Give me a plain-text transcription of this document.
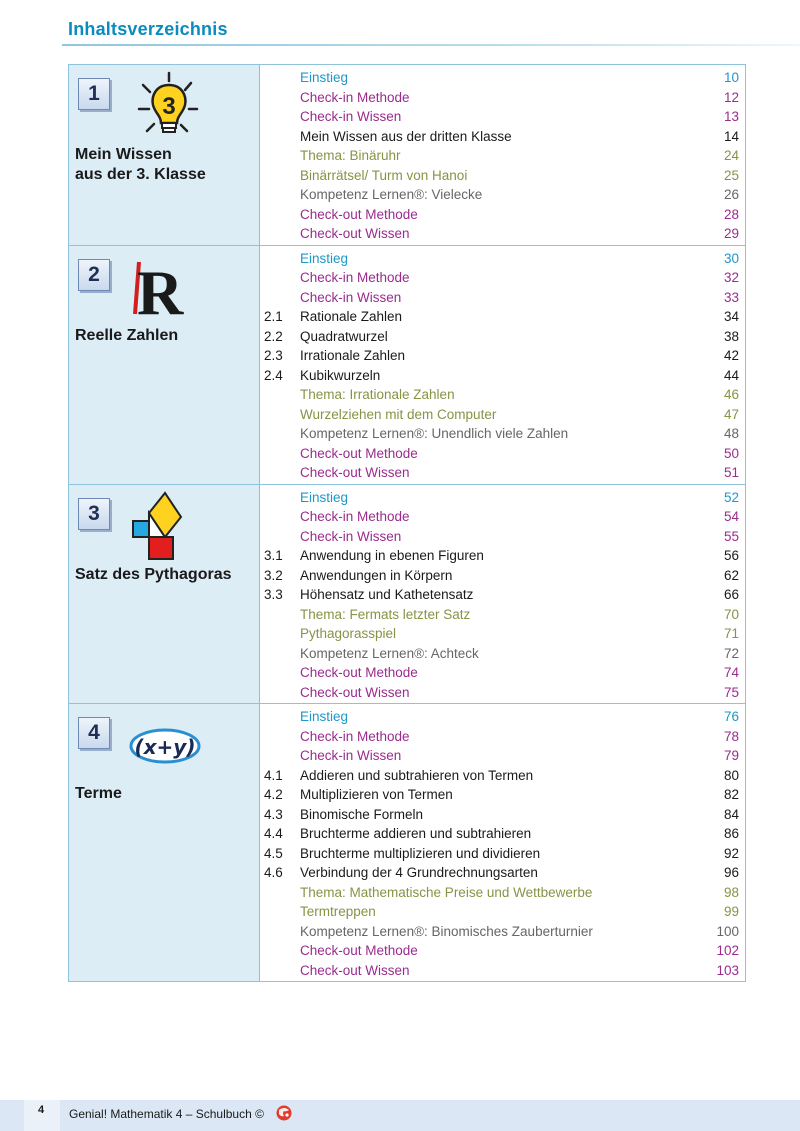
Inhaltsverzeichnis
1	3
Mein Wissen
aus der 3. Klasse
Einstieg	10
Check-in Methode	12
Check-in Wissen	13
Mein Wissen aus der dritten Klasse	14
Thema: Binäruhr	24
Binärrätsel/ Turm von Hanoi	25
Kompetenz Lernen®: Vielecke	26
Check-out Methode	28
Check-out Wissen	29
2 R
Reelle Zahlen
Einstieg	30
Check-in Methode	32
Check-in Wissen	33
2.1	Rationale Zahlen	34
2.2	Quadratwurzel	38
2.3	Irrationale Zahlen	42
2.4	Kubikwurzeln	44
Thema: Irrationale Zahlen	46
Wurzelziehen mit dem Computer	47
Kompetenz Lernen®: Unendlich viele Zahlen	48
Check-out Methode	50
Check-out Wissen	51
3
Satz des Pythagoras
Einstieg	52
Check-in Methode	54
Check-in Wissen	55
3.1	Anwendung in ebenen Figuren	56
3.2	Anwendungen in Körpern	62
3.3	Höhensatz und Kathetensatz	66
Thema: Fermats letzter Satz	70
Pythagorasspiel	71
Kompetenz Lernen®: Achteck	72
Check-out Methode	74
Check-out Wissen	75
4
(x+y)
Terme
Einstieg	76
Check-in Methode	78
Check-in Wissen	79
4.1	Addieren und subtrahieren von Termen	80
4.2	Multiplizieren von Termen	82
4.3	Binomische Formeln	84
4.4	Bruchterme addieren und subtrahieren	86
4.5	Bruchterme multiplizieren und dividieren	92
4.6	Verbindung der 4 Grundrechnungsarten	96
Thema: Mathematische Preise und Wettbewerbe	98
Termtreppen	99
Kompetenz Lernen®: Binomisches Zauberturnier	100
Check-out Methode	102
Check-out Wissen	103
4 Genial! Mathematik 4 – Schulbuch ©
